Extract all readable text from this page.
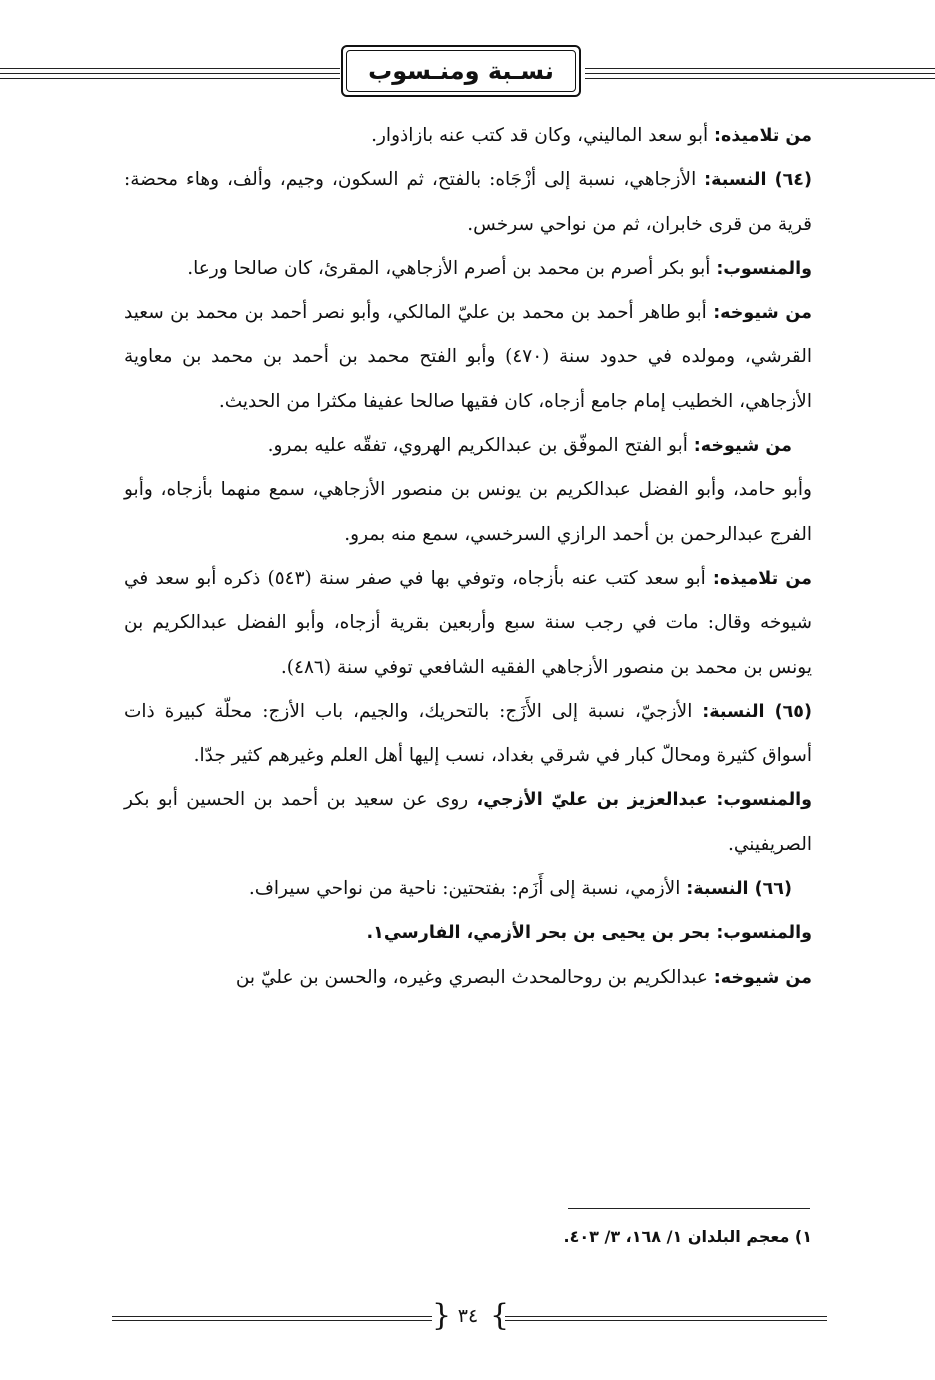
نسـبة ومنـسوب

من تلاميذه: أبو سعد الماليني، وكان قد كتب عنه بازاذوار.

(٦٤) النسبة: الأزجاهي، نسبة إلى أزْجَاه: بالفتح، ثم السكون، وجيم، وألف، وهاء محضة: قرية من قرى خابران، ثم من نواحي سرخس.

والمنسوب: أبو بكر أصرم بن محمد بن أصرم الأزجاهي، المقرئ، كان صالحا ورعا.

من شيوخه: أبو طاهر أحمد بن محمد بن عليّ المالكي، وأبو نصر أحمد بن محمد بن سعيد القرشي، ومولده في حدود سنة (٤٧٠) وأبو الفتح محمد بن أحمد بن محمد بن معاوية الأزجاهي، الخطيب إمام جامع أزجاه، كان فقيها صالحا عفيفا مكثرا من الحديث.

من شيوخه: أبو الفتح الموفّق بن عبدالكريم الهروي، تفقّه عليه بمرو.

وأبو حامد، وأبو الفضل عبدالكريم بن يونس بن منصور الأزجاهي، سمع منهما بأزجاه، وأبو الفرج عبدالرحمن بن أحمد الرازي السرخسي، سمع منه بمرو.

من تلاميذه: أبو سعد كتب عنه بأزجاه، وتوفي بها في صفر سنة (٥٤٣) ذكره أبو سعد في شيوخه وقال: مات في رجب سنة سبع وأربعين بقرية أزجاه، وأبو الفضل عبدالكريم بن يونس بن محمد بن منصور الأزجاهي الفقيه الشافعي توفي سنة (٤٨٦).

(٦٥) النسبة: الأزجيّ، نسبة إلى الأَزَج: بالتحريك، والجيم، باب الأزج: محلّة كبيرة ذات أسواق كثيرة ومحالّ كبار في شرقي بغداد، نسب إليها أهل العلم وغيرهم كثير جدّا.

والمنسوب: عبدالعزيز بن عليّ الأزجي، روى عن سعيد بن أحمد بن الحسين أبو بكر الصريفيني.

(٦٦) النسبة: الأزمي، نسبة إلى أَزَم: بفتحتين: ناحية من نواحي سيراف.

والمنسوب: بحر بن يحيى بن بحر الأزمي، الفارسي١.

من شيوخه: عبدالكريم بن روحالمحدث البصري وغيره، والحسن بن عليّ بن

١) معجم البلدان ١/ ١٦٨، ٣/ ٤٠٣.
{ ٣٤ }
